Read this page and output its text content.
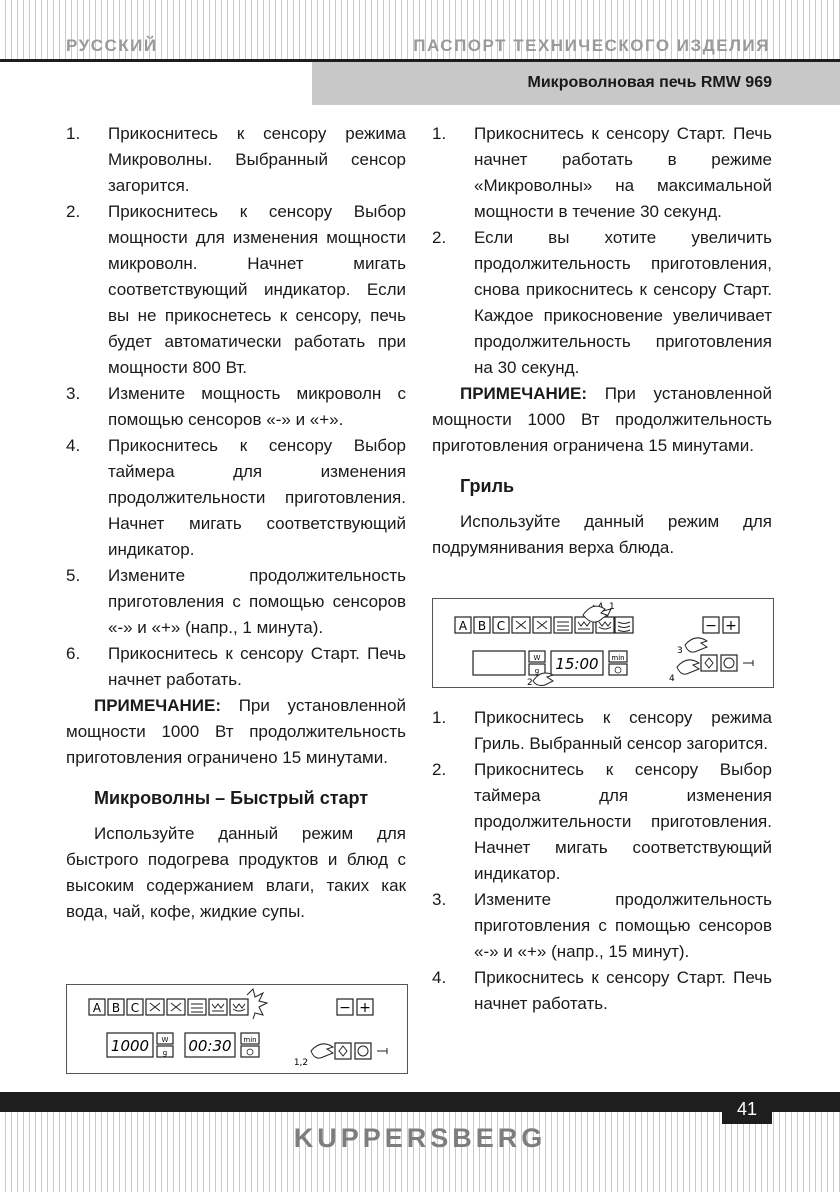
РУССКИЙ	ПАСПОРТ ТЕХНИЧЕСКОГО ИЗДЕЛИЯ
Микроволновая печь RMW 969
1.	Прикоснитесь к сенсору режима Микроволны. Выбранный сенсор загорится.
2.	Прикоснитесь к сенсору Выбор мощности для изменения мощности микроволн. Начнет мигать соответствующий индикатор. Если вы не прикоснетесь к сенсору, печь будет автоматически работать при мощности 800 Вт.
3.	Измените мощность микроволн с помощью сенсоров «-» и «+».
4.	Прикоснитесь к сенсору Выбор таймера для изменения продолжительности приготовления. Начнет мигать соответствующий индикатор.
5.	Измените продолжительность приготовления с помощью сенсоров «-» и «+» (напр., 1 минута).
6.	Прикоснитесь к сенсору Старт. Печь начнет работать.

ПРИМЕЧАНИЕ: При установленной мощности 1000 Вт продолжительность приготовления ограничено 15 минутами.

Микроволны – Быстрый старт

Используйте данный режим для быстрого подогрева продуктов и блюд с высоким содержанием влаги, таких как вода, чай, кофе, жидкие супы.

A B C	− +
1000 W
g 00:30 min
1,2
1.	Прикоснитесь к сенсору Старт. Печь начнет работать в режиме «Микроволны» на максимальной мощности в течение 30 секунд.
2.	Если вы хотите увеличить продолжительность приготовления, снова прикоснитесь к сенсору Старт. Каждое прикосновение увеличивает продолжительность приготовления на 30 секунд.

ПРИМЕЧАНИЕ: При установленной мощности 1000 Вт продолжительность приготовления ограничена 15 минутами.

Гриль

Используйте данный режим для подрумянивания верха блюда.

1.	Прикоснитесь к сенсору режима Гриль. Выбранный сенсор загорится.
2.	Прикоснитесь к сенсору Выбор таймера для изменения продолжительности приготовления. Начнет мигать соответствующий индикатор.
3.	Измените продолжительность приготовления с помощью сенсоров «-» и «+» (напр., 15 минут).
4.	Прикоснитесь к сенсору Старт. Печь начнет работать.
A B C
1
− +
W
g 15:00 min
2
3
4
41
KUPPERSBERG
